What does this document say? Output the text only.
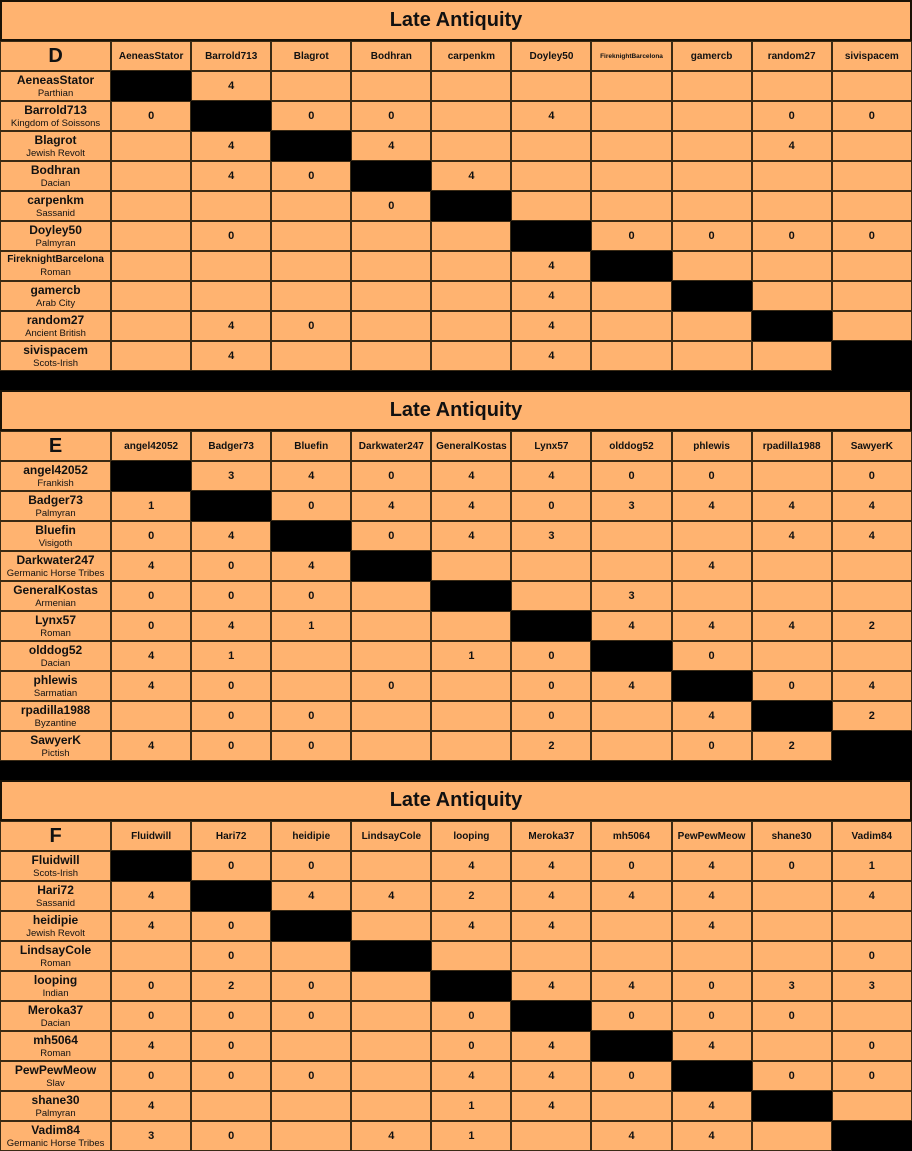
Late Antiquity										
D	AeneasStator	Barrold713	Blagrot	Bodhran	carpenkm	Doyley50	FireknightBarcelona	gamercb	random27	sivispacem

AeneasStator
Parthian		4								

Barrold713
Kingdom of Soissons	0		0	0		4			0	0

Blagrot
Jewish Revolt		4		4					4	

Bodhran
Dacian		4	0		4					

carpenkm
Sassanid				0						

Doyley50
Palmyran		0					0	0	0	0

FireknightBarcelona
Roman						4				

gamercb
Arab City						4				

random27
Ancient British		4	0			4				

sivispacem
Scots-Irish		4				4				
Late Antiquity										
E	angel42052	Badger73	Bluefin	Darkwater247	GeneralKostas	Lynx57	olddog52	phlewis	rpadilla1988	SawyerK

angel42052
Frankish		3	4	0	4	4	0	0		0

Badger73
Palmyran	1		0	4	4	0	3	4	4	4

Bluefin
Visigoth	0	4		0	4	3			4	4

Darkwater247
Germanic Horse Tribes	4	0	4					4		

GeneralKostas
Armenian	0	0	0				3			

Lynx57
Roman	0	4	1				4	4	4	2

olddog52
Dacian	4	1			1	0		0		

phlewis
Sarmatian	4	0		0		0	4		0	4

rpadilla1988
Byzantine		0	0			0		4		2

SawyerK
Pictish	4	0	0			2		0	2	
Late Antiquity										
F	Fluidwill	Hari72	heidipie	LindsayCole	looping	Meroka37	mh5064	PewPewMeow	shane30	Vadim84

Fluidwill
Scots-Irish		0	0		4	4	0	4	0	1

Hari72
Sassanid	4		4	4	2	4	4	4		4

heidipie
Jewish Revolt	4	0			4	4		4		

LindsayCole
Roman		0								0

looping
Indian	0	2	0			4	4	0	3	3

Meroka37
Dacian	0	0	0		0		0	0	0	

mh5064
Roman	4	0			0	4		4		0

PewPewMeow
Slav	0	0	0		4	4	0		0	0

shane30
Palmyran	4				1	4		4		

Vadim84
Germanic Horse Tribes	3	0		4	1		4	4		
